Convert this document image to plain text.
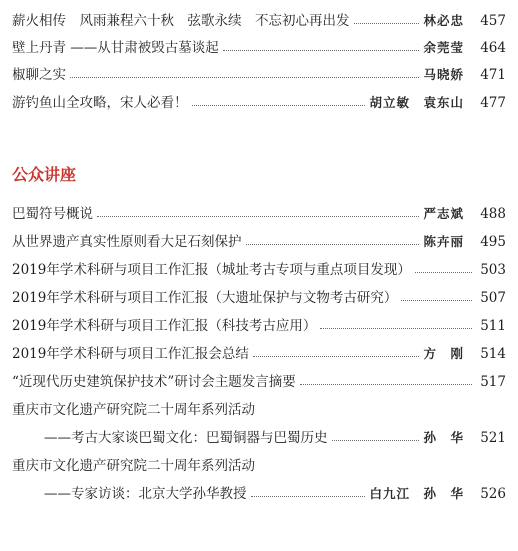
薪火相传　风雨兼程六十秋　弦歌永续　不忘初心再出发	林必忠	457
壁上丹青 ——从甘肃被毁古墓谈起	余莞莹	464
椒聊之实	马晓娇	471
游钓鱼山全攻略，宋人必看！	胡立敏　袁东山	477
公众讲座
巴蜀符号概说	严志斌	488
从世界遗产真实性原则看大足石刻保护	陈卉丽	495
2019年学术科研与项目工作汇报（城址考古专项与重点项目发现）	503
2019年学术科研与项目工作汇报（大遗址保护与文物考古研究）	507
2019年学术科研与项目工作汇报（科技考古应用）	511
2019年学术科研与项目工作汇报会总结	方　刚	514
“近现代历史建筑保护技术”研讨会主题发言摘要	517
重庆市文化遗产研究院二十周年系列活动
——考古大家谈巴蜀文化：巴蜀铜器与巴蜀历史	孙　华	521
重庆市文化遗产研究院二十周年系列活动
——专家访谈：北京大学孙华教授	白九江　孙　华	526
